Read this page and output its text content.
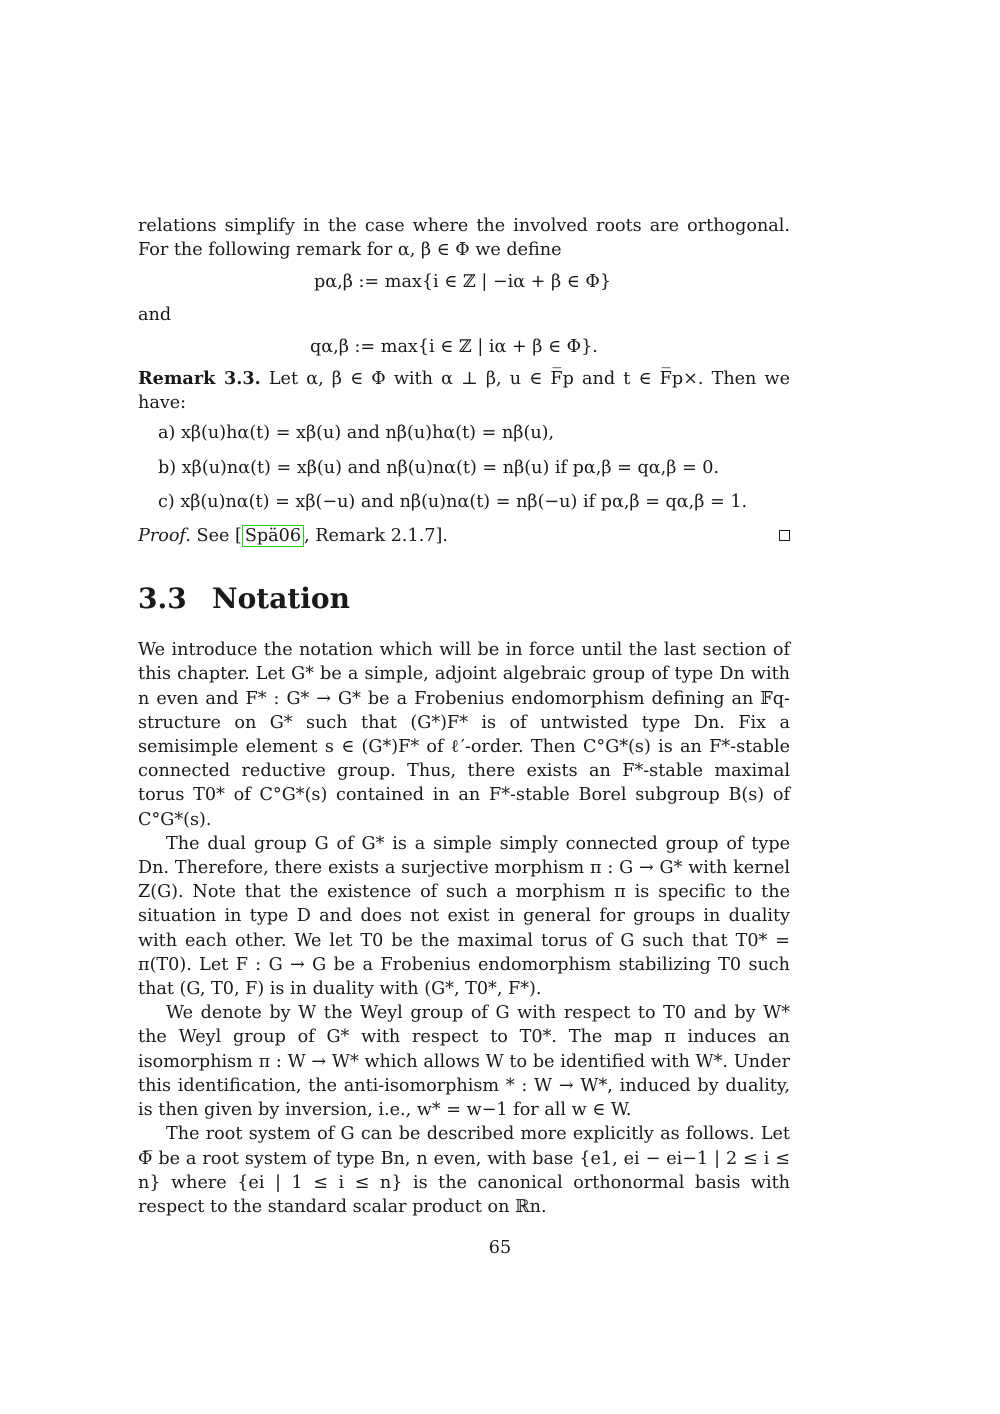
relations simplify in the case where the involved roots are orthogonal. For the following remark for α, β ∈ Φ we define

pα,β := max{i ∈ ℤ | −iα + β ∈ Φ}

and

qα,β := max{i ∈ ℤ | iα + β ∈ Φ}.

Remark 3.3. Let α, β ∈ Φ with α ⊥ β, u ∈ F̅p and t ∈ F̅p×. Then we have:

a) xβ(u)hα(t) = xβ(u) and nβ(u)hα(t) = nβ(u),
b) xβ(u)nα(t) = xβ(u) and nβ(u)nα(t) = nβ(u) if pα,β = qα,β = 0.
c) xβ(u)nα(t) = xβ(−u) and nβ(u)nα(t) = nβ(−u) if pα,β = qα,β = 1.

Proof. See [ Spä06 , Remark 2.1.7].

3.3 Notation

We introduce the notation which will be in force until the last section of this chapter. Let G* be a simple, adjoint algebraic group of type Dn with n even and F* : G* → G* be a Frobenius endomorphism defining an 𝔽q-structure on G* such that (G*)F* is of untwisted type Dn. Fix a semisimple element s ∈ (G*)F* of ℓ′-order. Then C°G*(s) is an F*-stable connected reductive group. Thus, there exists an F*-stable maximal torus T0* of C°G*(s) contained in an F*-stable Borel subgroup B(s) of C°G*(s).

The dual group G of G* is a simple simply connected group of type Dn. Therefore, there exists a surjective morphism π : G → G* with kernel Z(G). Note that the existence of such a morphism π is specific to the situation in type D and does not exist in general for groups in duality with each other. We let T0 be the maximal torus of G such that T0* = π(T0). Let F : G → G be a Frobenius endomorphism stabilizing T0 such that (G, T0, F) is in duality with (G*, T0*, F*).

We denote by W the Weyl group of G with respect to T0 and by W* the Weyl group of G* with respect to T0*. The map π induces an isomorphism π : W → W* which allows W to be identified with W*. Under this identification, the anti-isomorphism * : W → W*, induced by duality, is then given by inversion, i.e., w* = w−1 for all w ∈ W.

The root system of G can be described more explicitly as follows. Let Φ̅ be a root system of type Bn, n even, with base {e1, ei − ei−1 | 2 ≤ i ≤ n} where {ei | 1 ≤ i ≤ n} is the canonical orthonormal basis with respect to the standard scalar product on ℝn.

65
